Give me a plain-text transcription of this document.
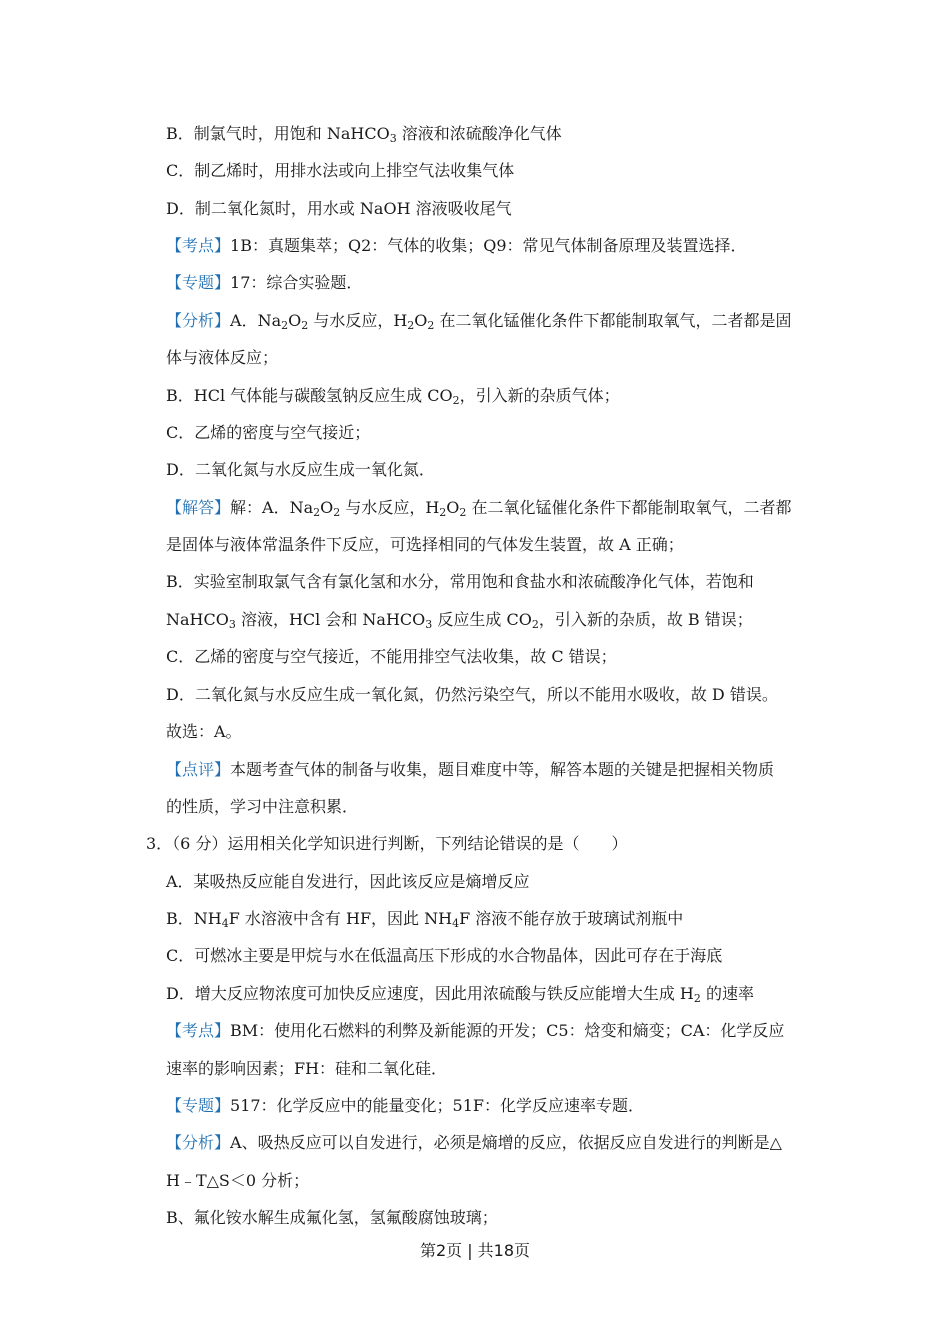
B．制氯气时，用饱和 NaHCO$_3$ 溶液和浓硫酸净化气体
C．制乙烯时，用排水法或向上排空气法收集气体
D．制二氧化氮时，用水或 NaOH 溶液吸收尾气
【考点】1B：真题集萃；Q2：气体的收集；Q9：常见气体制备原理及装置选择．
【专题】17：综合实验题．
【分析】A．$Na_2O_2$ 与水反应，$H_2O_2$ 在二氧化锰催化条件下都能制取氧气，二者都是固
体与液体反应；
B．HCl 气体能与碳酸氢钠反应生成 $CO_2$，引入新的杂质气体；
C．乙烯的密度与空气接近；
D．二氧化氮与水反应生成一氧化氮．
【解答】解：A．$Na_2O_2$ 与水反应，$H_2O_2$ 在二氧化锰催化条件下都能制取氧气，二者都
是固体与液体常温条件下反应，可选择相同的气体发生装置，故 A 正确；
B．实验室制取氯气含有氯化氢和水分，常用饱和食盐水和浓硫酸净化气体，若饱和
NaHCO$_3$ 溶液，HCl 会和 NaHCO$_3$ 反应生成 $CO_2$，引入新的杂质，故 B 错误；
C．乙烯的密度与空气接近，不能用排空气法收集，故 C 错误；
D．二氧化氮与水反应生成一氧化氮，仍然污染空气，所以不能用水吸收，故 D 错误。
故选：A。
【点评】本题考查气体的制备与收集，题目难度中等，解答本题的关键是把握相关物质
的性质，学习中注意积累．
3．（6 分）运用相关化学知识进行判断，下列结论错误的是（　　）
A．某吸热反应能自发进行，因此该反应是熵增反应
B．$NH_4F$ 水溶液中含有 HF，因此 $NH_4F$ 溶液不能存放于玻璃试剂瓶中
C．可燃冰主要是甲烷与水在低温高压下形成的水合物晶体，因此可存在于海底
D．增大反应物浓度可加快反应速度，因此用浓硫酸与铁反应能增大生成 $H_2$ 的速率
【考点】BM：使用化石燃料的利弊及新能源的开发；C5：焓变和熵变；CA：化学反应
速率的影响因素；FH：硅和二氧化硅．
【专题】517：化学反应中的能量变化；51F：化学反应速率专题．
【分析】A、吸热反应可以自发进行，必须是熵增的反应，依据反应自发进行的判断是△
H﹣T△S＜0 分析；
B、氟化铵水解生成氟化氢，氢氟酸腐蚀玻璃；
第2页 | 共18页
